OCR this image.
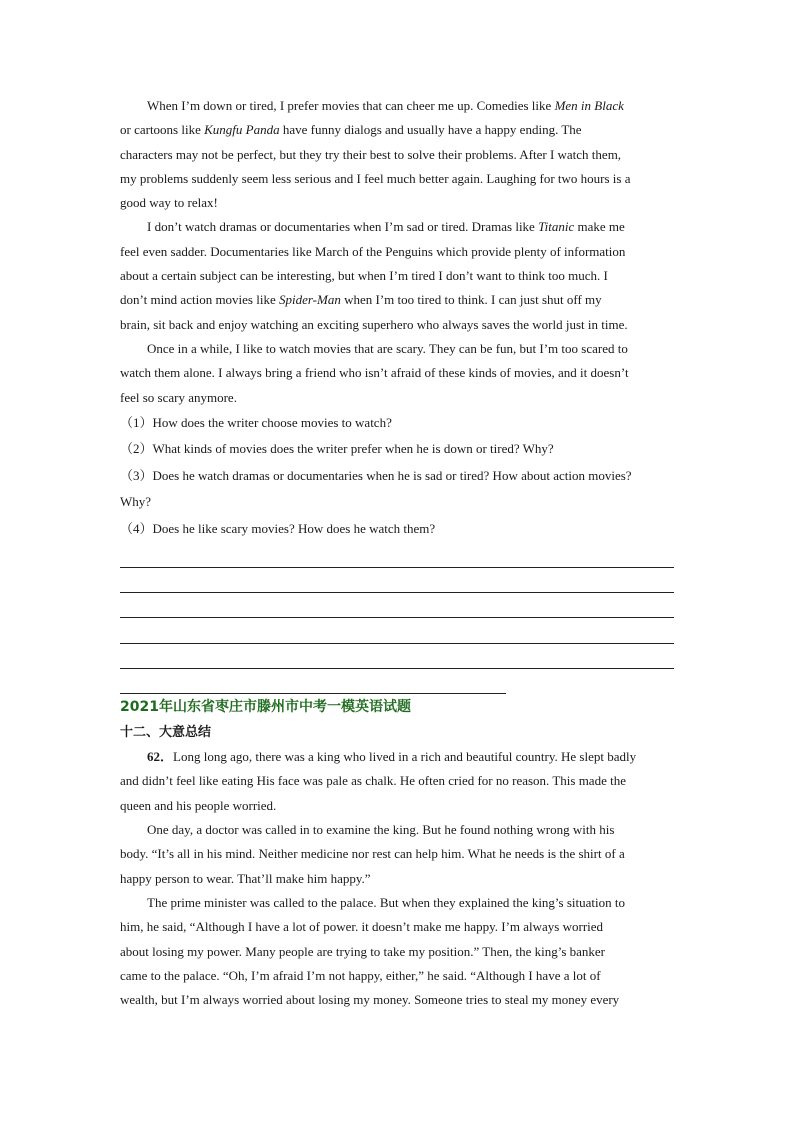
When I’m down or tired, I prefer movies that can cheer me up. Comedies like Men in Black
or cartoons like Kungfu Panda have funny dialogs and usually have a happy ending. The
characters may not be perfect, but they try their best to solve their problems. After I watch them,
my problems suddenly seem less serious and I feel much better again. Laughing for two hours is a
good way to relax!
I don’t watch dramas or documentaries when I’m sad or tired. Dramas like Titanic make me
feel even sadder. Documentaries like March of the Penguins which provide plenty of information
about a certain subject can be interesting, but when I’m tired I don’t want to think too much. I
don’t mind action movies like Spider-Man when I’m too tired to think. I can just shut off my
brain, sit back and enjoy watching an exciting superhero who always saves the world just in time.
Once in a while, I like to watch movies that are scary. They can be fun, but I’m too scared to
watch them alone. I always bring a friend who isn’t afraid of these kinds of movies, and it doesn’t
feel so scary anymore.
（1）How does the writer choose movies to watch?
（2）What kinds of movies does the writer prefer when he is down or tired? Why?
（3）Does he watch dramas or documentaries when he is sad or tired? How about action movies?
Why?
（4）Does he like scary movies? How does he watch them?
2021年山东省枣庄市滕州市中考一模英语试题
十二、大意总结
62．Long long ago, there was a king who lived in a rich and beautiful country. He slept badly
and didn’t feel like eating His face was pale as chalk. He often cried for no reason. This made the
queen and his people worried.
One day, a doctor was called in to examine the king. But he found nothing wrong with his
body. “It’s all in his mind. Neither medicine nor rest can help him. What he needs is the shirt of a
happy person to wear. That’ll make him happy.”
The prime minister was called to the palace. But when they explained the king’s situation to
him, he said, “Although I have a lot of power. it doesn’t make me happy. I’m always worried
about losing my power. Many people are trying to take my position.” Then, the king’s banker
came to the palace. “Oh, I’m afraid I’m not happy, either,” he said. “Although I have a lot of
wealth, but I’m always worried about losing my money. Someone tries to steal my money every
